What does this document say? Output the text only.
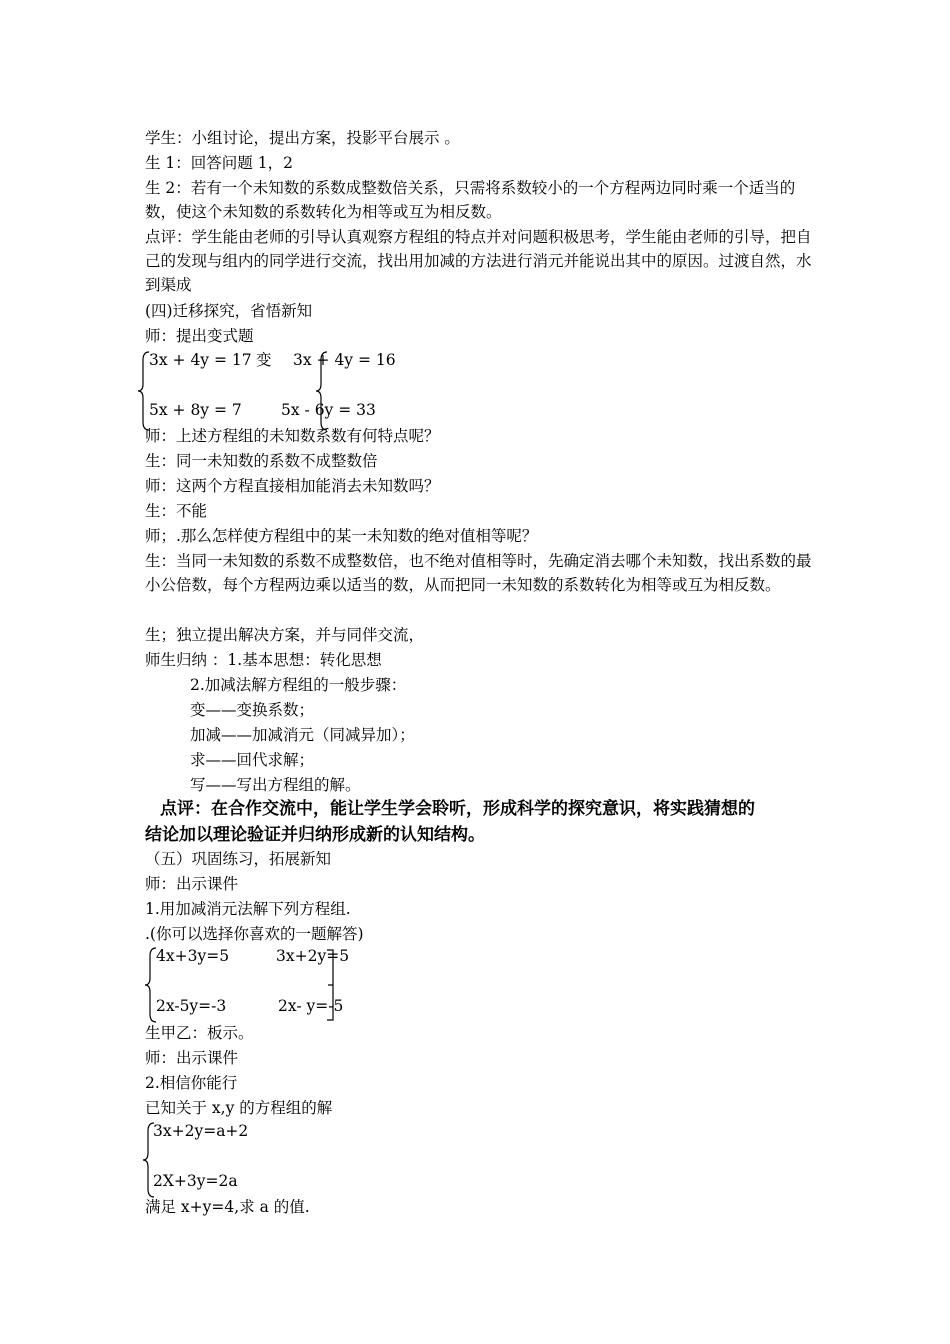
学生：小组讨论，提出方案，投影平台展示 。
生 1：回答问题 1，2
生 2：若有一个未知数的系数成整数倍关系，只需将系数较小的一个方程两边同时乘一个适当的数，使这个未知数的系数转化为相等或互为相反数。
点评：学生能由老师的引导认真观察方程组的特点并对问题积极思考，学生能由老师的引导，把自己的发现与组内的同学进行交流，找出用加减的方法进行消元并能说出其中的原因。过渡自然，水到渠成
(四)迁移探究，省悟新知
师：提出变式题
3x + 4y = 17 变 3x + 4y = 16
5x + 8y = 7	5x - 6y = 33
师：上述方程组的未知数系数有何特点呢？
生：同一未知数的系数不成整数倍
师：这两个方程直接相加能消去未知数吗？
生：不能
师；.那么怎样使方程组中的某一未知数的绝对值相等呢？
生：当同一未知数的系数不成整数倍，也不绝对值相等时，先确定消去哪个未知数，找出系数的最小公倍数，每个方程两边乘以适当的数，从而把同一未知数的系数转化为相等或互为相反数。
生；独立提出解决方案，并与同伴交流，
师生归纳 ：1.基本思想：转化思想
2.加减法解方程组的一般步骤：
变——变换系数；
加减——加减消元（同减异加）；
求——回代求解；
写——写出方程组的解。
点评：在合作交流中，能让学生学会聆听，形成科学的探究意识，将实践猜想的
结论加以理论验证并归纳形成新的认知结构。
（五）巩固练习，拓展新知
师：出示课件
1.用加减消元法解下列方程组.
.(你可以选择你喜欢的一题解答)
4x+3y=5	3x+2y=5
2x-5y=-3	2x- y=-5
生甲乙：板示。
师：出示课件
2.相信你能行
已知关于 x,y 的方程组的解
3x+2y=a+2
2X+3y=2a
满足 x+y=4,求 a 的值.
